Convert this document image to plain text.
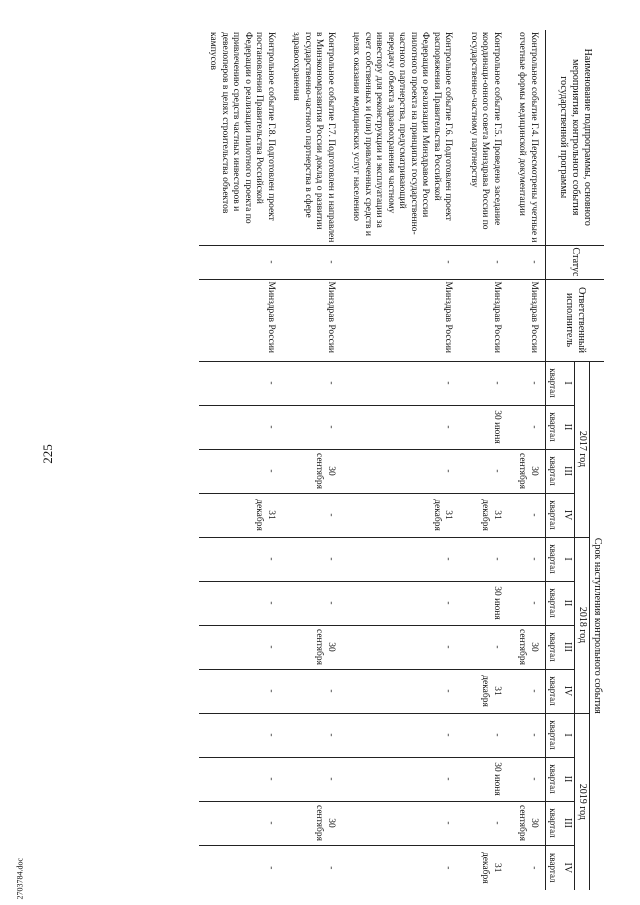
225
2703784.doc
Наименование подпрограммы, основного мероприятия, контрольного события государственной программы	Статус	Ответственный исполнитель	Срок наступления контрольного события											
			2017 год				2018 год				2019 год			
			I	II	III	IV	I	II	III	IV	I	II	III	IV
			квартал	квартал	квартал	квартал	квартал	квартал	квартал	квартал	квартал	квартал	квартал	квартал
Контрольное событие Г.4. Пересмотрены учетные и отчетные формы медицинской документации	-	Минздрав России	-	-	30 сентября	-	-	-	30 сентября	-	-	-	30 сентября	-
Контрольное событие Г.5. Проведено заседание координаци-онного совета Минздрава России по государственно-частному партнерству	-	Минздрав России	-	30 июня	-	31 декабря	-	30 июня	-	31 декабря	-	30 июня	-	31 декабря
Контрольное событие Г.6. Подготовлен проект распоряжения Правительства Российской Федерации о реализации Минздравом России пилотного проекта на принципах государственно-частного партнерства, предусматривающий передачу объекта здравоохранения частному инвестору для реконструкции и эксплуатации за счет собственных и (или) привлеченных средств и целях оказания медицинских услуг населению	-	Минздрав России	-	-	-	31 декабря	-	-	-	-	-	-	-	-
Контрольное событие Г.7. Подготовлен и направлен в Минэкономразвития России доклад о развитии государственно-частного партнерства в сфере здравоохранения	-	Минздрав России	-	-	30 сентября	-	-	-	30 сентября	-	-	-	30 сентября	-
Контрольное событие Г.8. Подготовлен проект постановления Правительства Российской Федерации о реализации пилотного проекта по привлечению средств частных инвесторов и девелоперов в целях строительства объектов кампусов	-	Минздрав России	-	-	-	31 декабря	-	-	-	-	-	-	-	-
